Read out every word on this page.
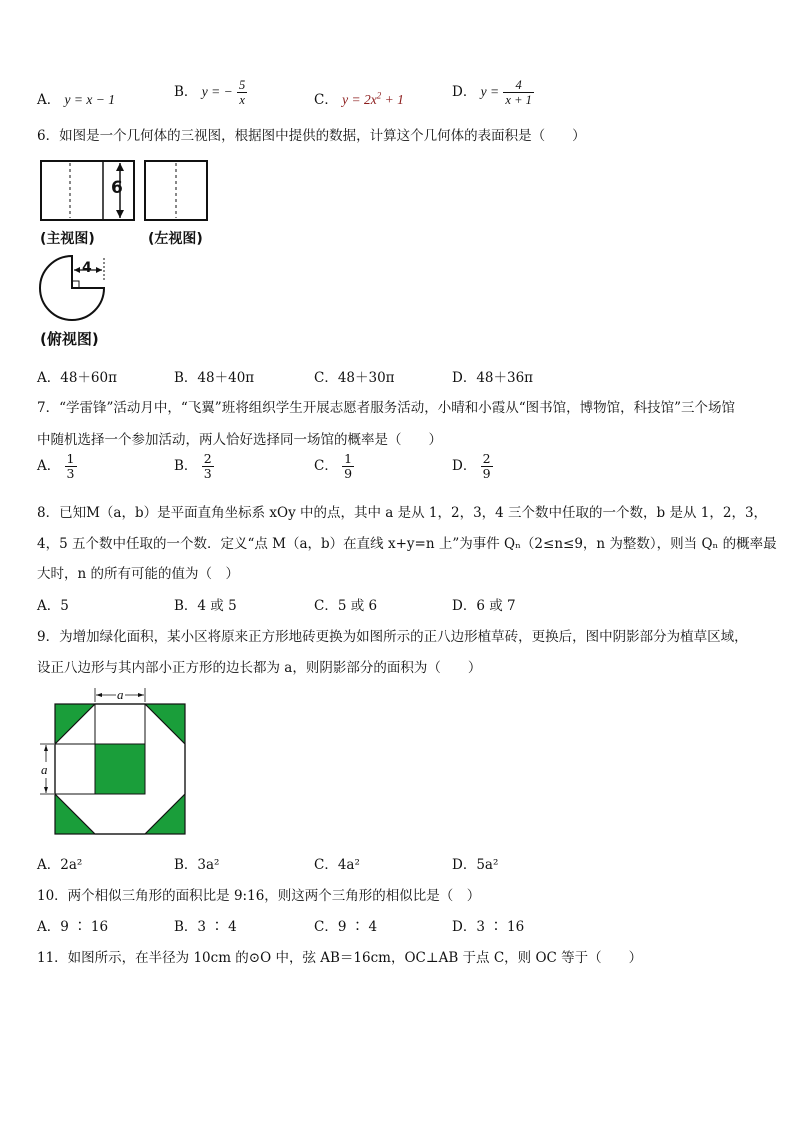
A． y = x − 1	B． y = − $\frac{5}{x}$	C． $y = 2x^2 + 1$	D． $y = \frac{4}{x + 1}$
6．如图是一个几何体的三视图，根据图中提供的数据，计算这个几何体的表面积是（　　）
6
4
(主视图)	(左视图)
(俯视图)
A．48＋60π	B．48＋40π	C．48＋30π	D．48＋36π
7．“学雷锋”活动月中，“飞翼”班将组织学生开展志愿者服务活动，小晴和小霞从“图书馆，博物馆，科技馆”三个场馆
中随机选择一个参加活动，两人恰好选择同一场馆的概率是（　　）
A． $\frac{1}{3}$	B． $\frac{2}{3}$	C． $\frac{1}{9}$	D． $\frac{2}{9}$
8．已知M（a，b）是平面直角坐标系 xOy 中的点，其中 a 是从 1，2，3，4 三个数中任取的一个数，b 是从 1，2，3，
4，5 五个数中任取的一个数．定义“点 M（a，b）在直线 x+y=n 上”为事件 Qₙ（2≤n≤9，n 为整数），则当 Qₙ 的概率最
大时，n 的所有可能的值为（　）
A．5	B．4 或 5	C．5 或 6	D．6 或 7
9．为增加绿化面积，某小区将原来正方形地砖更换为如图所示的正八边形植草砖，更换后，图中阴影部分为植草区域，
设正八边形与其内部小正方形的边长都为 a，则阴影部分的面积为（　　）
a
a
A．2a²	B．3a²	C．4a²	D．5a²
10．两个相似三角形的面积比是 9:16，则这两个三角形的相似比是（　）
A．9 ∶ 16	B．3 ∶ 4	C．9 ∶ 4	D．3 ∶ 16
11．如图所示，在半径为 10cm 的⊙O 中，弦 AB＝16cm，OC⊥AB 于点 C，则 OC 等于（　　）
